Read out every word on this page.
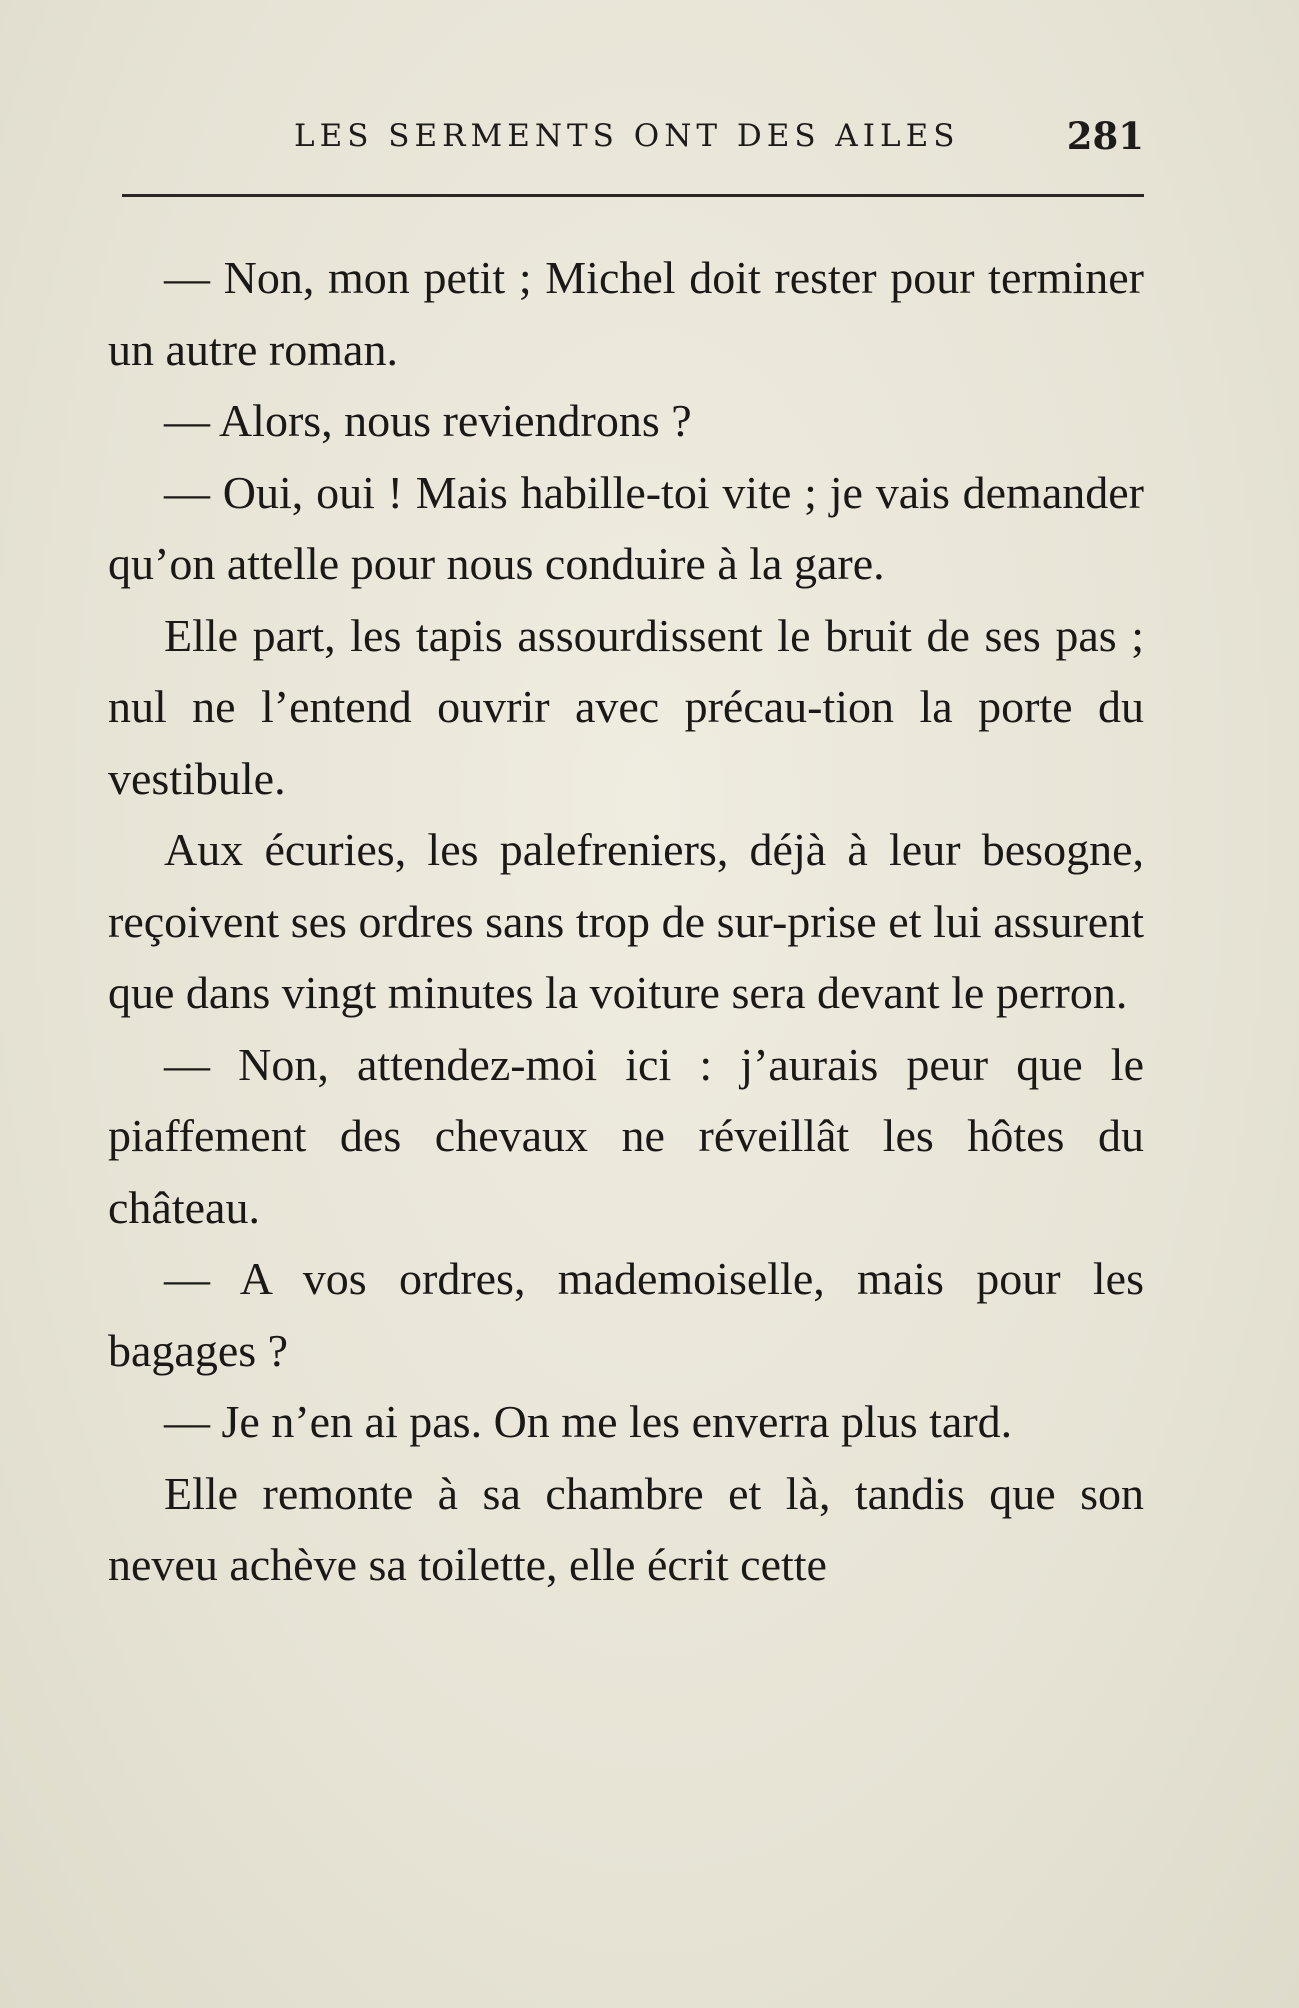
LES SERMENTS ONT DES AILES	281

— Non, mon petit ; Michel doit rester pour terminer un autre roman.

— Alors, nous reviendrons ?

— Oui, oui ! Mais habille-toi vite ; je vais demander qu’on attelle pour nous conduire à la gare.

Elle part, les tapis assourdissent le bruit de ses pas ; nul ne l’entend ouvrir avec précau-tion la porte du vestibule.

Aux écuries, les palefreniers, déjà à leur besogne, reçoivent ses ordres sans trop de sur-prise et lui assurent que dans vingt minutes la voiture sera devant le perron.

— Non, attendez-moi ici : j’aurais peur que le piaffement des chevaux ne réveillât les hôtes du château.

— A vos ordres, mademoiselle, mais pour les bagages ?

— Je n’en ai pas. On me les enverra plus tard.

Elle remonte à sa chambre et là, tandis que son neveu achève sa toilette, elle écrit cette
